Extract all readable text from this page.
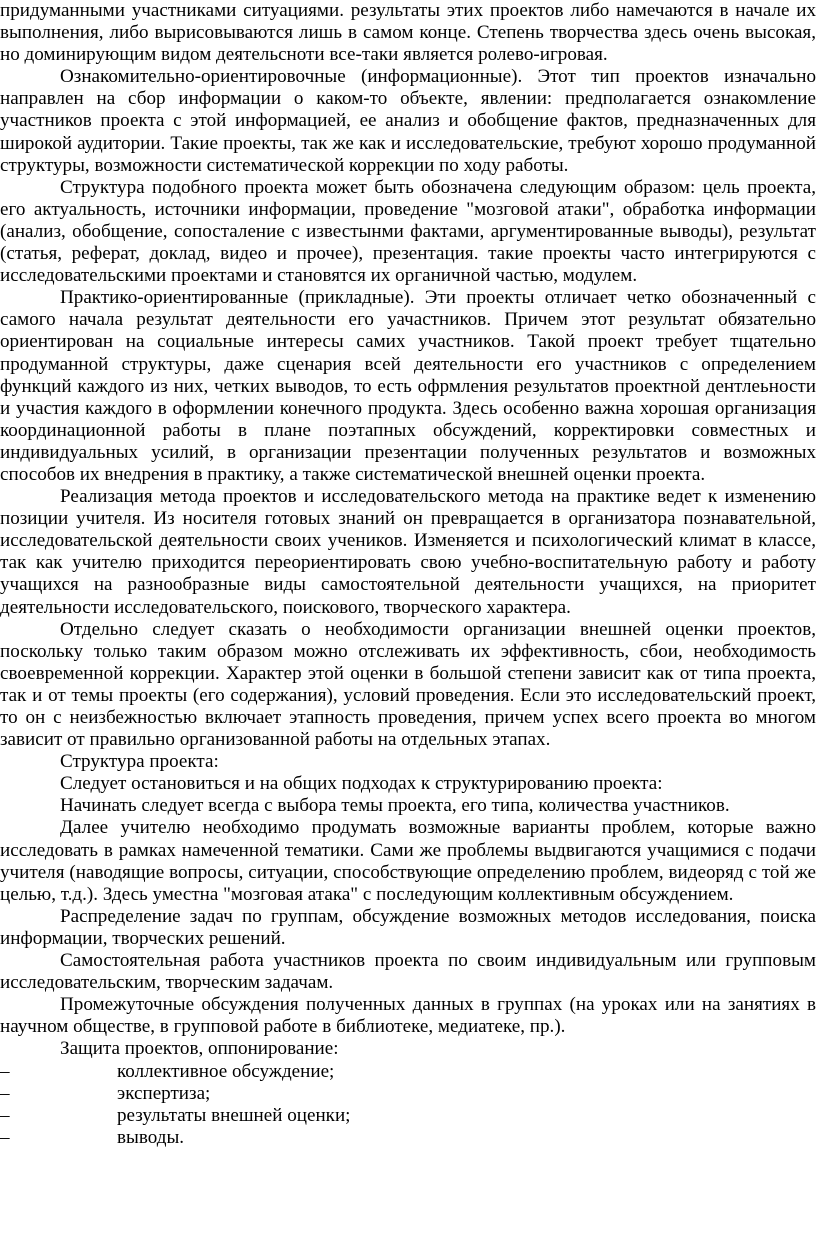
придуманными участниками ситуациями. результаты этих проектов либо намечаются в начале их выполнения, либо вырисовываются лишь в самом конце. Степень творчества здесь очень высокая, но доминирующим видом деятельсноти все-таки является ролево-игровая.

Ознакомительно-ориентировочные (информационные). Этот тип проектов изначально направлен на сбор информации о каком-то объекте, явлении: предполагается ознакомление участников проекта с этой информацией, ее анализ и обобщение фактов, предназначенных для широкой аудитории. Такие проекты, так же как и исследовательские, требуют хорошо продуманной структуры, возможности систематической коррекции по ходу работы.

Структура подобного проекта может быть обозначена следующим образом: цель проекта, его актуальность, источники информации, проведение "мозговой атаки", обработка информации (анализ, обобщение, сопосталение с известынми фактами, аргументированные выводы), результат (статья, реферат, доклад, видео и прочее), презентация. такие проекты часто интегрируются с исследовательскими проектами и становятся их органичной частью, модулем.

Практико-ориентированные (прикладные). Эти проекты отличает четко обозначенный с самого начала результат деятельности его уачастников. Причем этот результат обязательно ориентирован на социальные интересы самих участников. Такой проект требует тщательно продуманной структуры, даже сценария всей деятельности его участников с определением функций каждого из них, четких выводов, то есть офрмления результатов проектной дентлеьности и участия каждого в оформлении конечного продукта. Здесь особенно важна хорошая организация координационной работы в плане поэтапных обсуждений, корректировки совместных и индивидуальных усилий, в организации презентации полученных результатов и возможных способов их внедрения в практику, а также систематической внешней оценки проекта.

Реализация метода проектов и исследовательского метода на практике ведет к изменению позиции учителя. Из носителя готовых знаний он превращается в организатора познавательной, исследовательской деятельности своих учеников. Изменяется и психологический климат в классе, так как учителю приходится переориентировать свою учебно-воспитательную работу и работу учащихся на разнообразные виды самостоятельной деятельности учащихся, на приоритет деятельности исследовательского, поискового, творческого характера.

Отдельно следует сказать о необходимости организации внешней оценки проектов, поскольку только таким образом можно отслеживать их эффективность, сбои, необходимость своевременной коррекции. Характер этой оценки в большой степени зависит как от типа проекта, так и от темы проекты (его содержания), условий проведения. Если это исследовательский проект, то он с неизбежностью включает этапность проведения, причем успех всего проекта во многом зависит от правильно организованной работы на отдельных этапах.

Структура проекта:

Следует остановиться и на общих подходах к структурированию проекта:

Начинать следует всегда с выбора темы проекта, его типа, количества участников.

Далее учителю необходимо продумать возможные варианты проблем, которые важно исследовать в рамках намеченной тематики. Сами же проблемы выдвигаются учащимися с подачи учителя (наводящие вопросы, ситуации, способствующие определению проблем, видеоряд с той же целью, т.д.). Здесь уместна "мозговая атака" с последующим коллективным обсуждением.

Распределение задач по группам, обсуждение возможных методов исследования, поиска информации, творческих решений.

Самостоятельная работа участников проекта по своим индивидуальным или групповым исследовательским, творческим задачам.

Промежуточные обсуждения полученных данных в группах (на уроках или на занятиях в научном обществе, в групповой работе в библиотеке, медиатеке, пр.).

Защита проектов, оппонирование:

–	коллективное обсуждение;
–	экспертиза;
–	результаты внешней оценки;
–	выводы.
